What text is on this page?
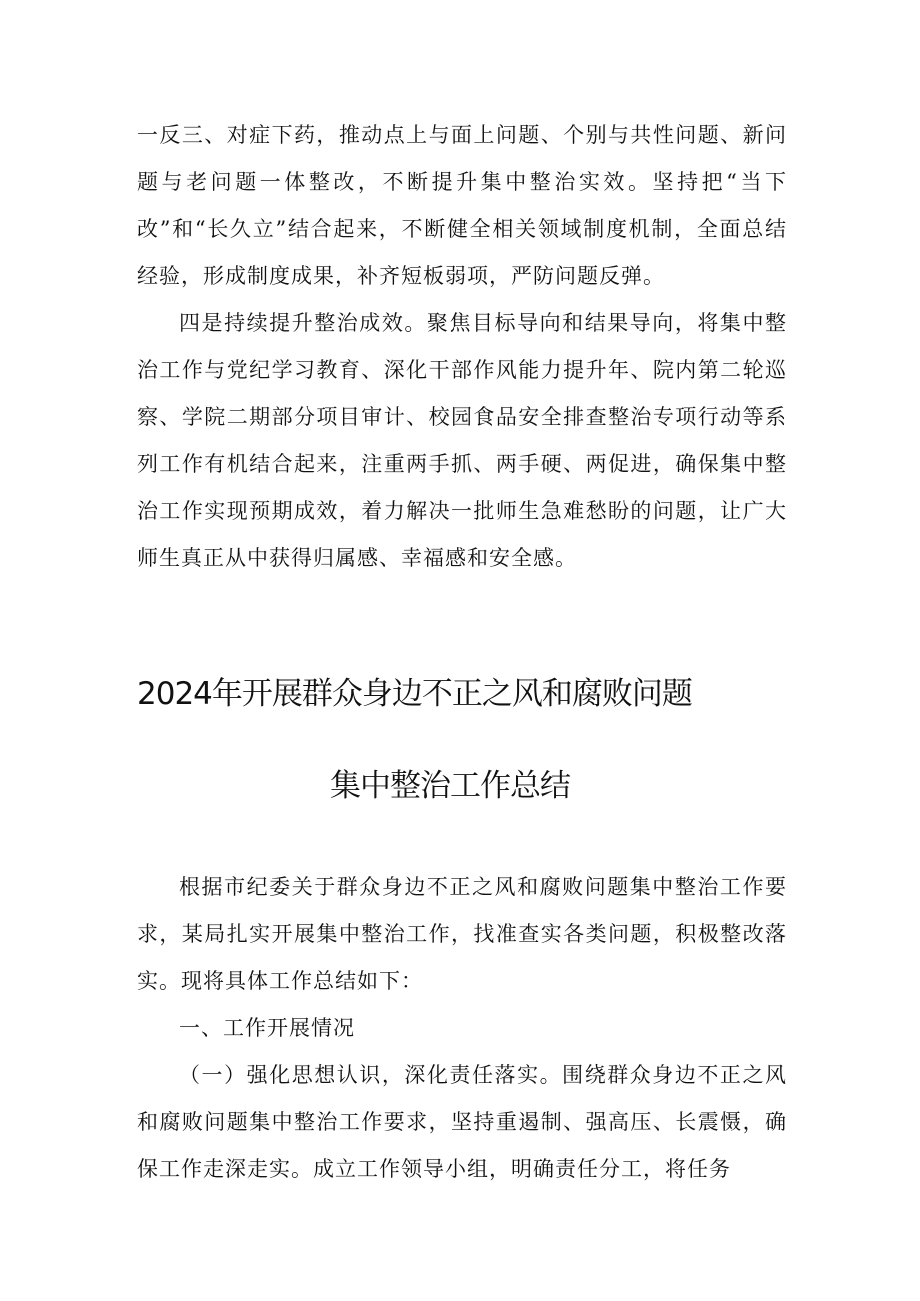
一反三、对症下药，推动点上与面上问题、个别与共性问题、新问题与老问题一体整改，不断提升集中整治实效。坚持把“当下改”和“长久立”结合起来，不断健全相关领域制度机制，全面总结经验，形成制度成果，补齐短板弱项，严防问题反弹。

四是持续提升整治成效。聚焦目标导向和结果导向，将集中整治工作与党纪学习教育、深化干部作风能力提升年、院内第二轮巡察、学院二期部分项目审计、校园食品安全排查整治专项行动等系列工作有机结合起来，注重两手抓、两手硬、两促进，确保集中整治工作实现预期成效，着力解决一批师生急难愁盼的问题，让广大师生真正从中获得归属感、幸福感和安全感。

2024年开展群众身边不正之风和腐败问题
集中整治工作总结

根据市纪委关于群众身边不正之风和腐败问题集中整治工作要求，某局扎实开展集中整治工作，找准查实各类问题，积极整改落实。现将具体工作总结如下：

一、工作开展情况

（一）强化思想认识，深化责任落实。围绕群众身边不正之风和腐败问题集中整治工作要求，坚持重遏制、强高压、长震慑，确保工作走深走实。成立工作领导小组，明确责任分工，将任务
